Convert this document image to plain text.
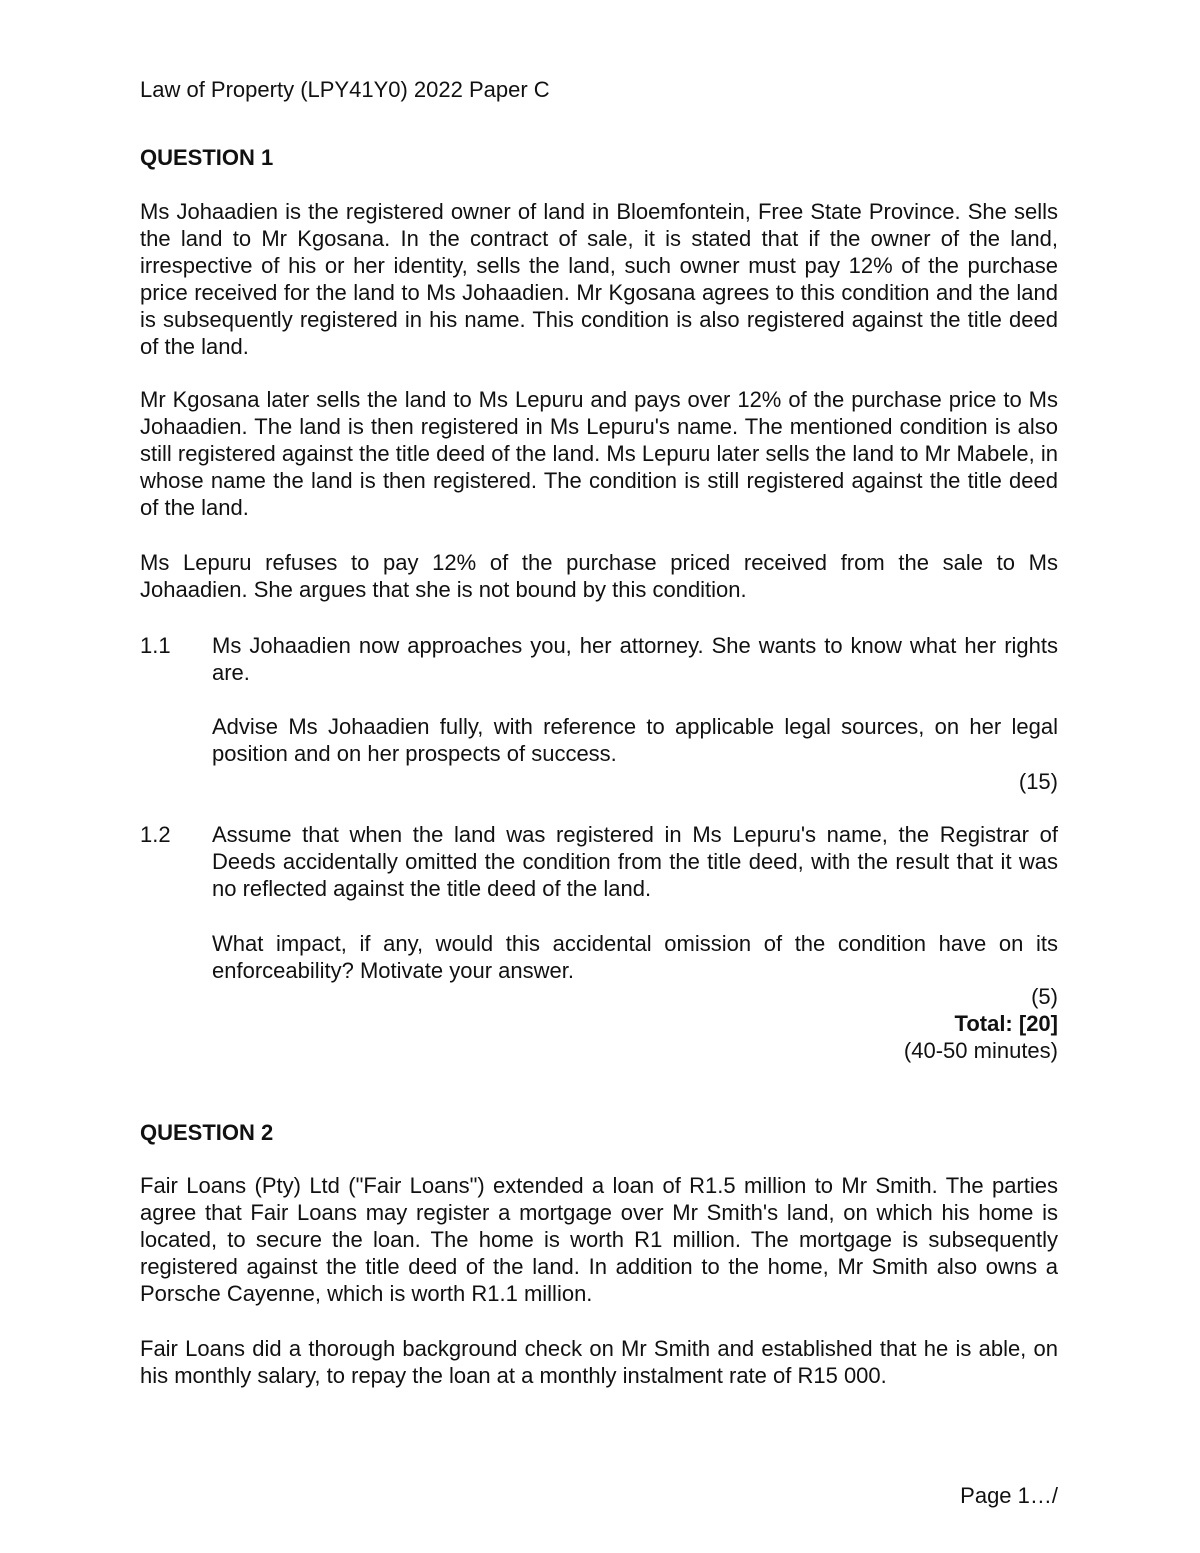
Law of Property (LPY41Y0) 2022 Paper C
QUESTION 1
Ms Johaadien is the registered owner of land in Bloemfontein, Free State Province. She sells the land to Mr Kgosana. In the contract of sale, it is stated that if the owner of the land, irrespective of his or her identity, sells the land, such owner must pay 12% of the purchase price received for the land to Ms Johaadien. Mr Kgosana agrees to this condition and the land is subsequently registered in his name. This condition is also registered against the title deed of the land.
Mr Kgosana later sells the land to Ms Lepuru and pays over 12% of the purchase price to Ms Johaadien. The land is then registered in Ms Lepuru's name. The mentioned condition is also still registered against the title deed of the land. Ms Lepuru later sells the land to Mr Mabele, in whose name the land is then registered. The condition is still registered against the title deed of the land.
Ms Lepuru refuses to pay 12% of the purchase priced received from the sale to Ms Johaadien. She argues that she is not bound by this condition.
1.1 Ms Johaadien now approaches you, her attorney. She wants to know what her rights are.
Advise Ms Johaadien fully, with reference to applicable legal sources, on her legal position and on her prospects of success.
(15)
1.2 Assume that when the land was registered in Ms Lepuru's name, the Registrar of Deeds accidentally omitted the condition from the title deed, with the result that it was no reflected against the title deed of the land.
What impact, if any, would this accidental omission of the condition have on its enforceability? Motivate your answer.
(5)
Total: [20]
(40-50 minutes)
QUESTION 2
Fair Loans (Pty) Ltd ("Fair Loans") extended a loan of R1.5 million to Mr Smith. The parties agree that Fair Loans may register a mortgage over Mr Smith's land, on which his home is located, to secure the loan. The home is worth R1 million. The mortgage is subsequently registered against the title deed of the land. In addition to the home, Mr Smith also owns a Porsche Cayenne, which is worth R1.1 million.
Fair Loans did a thorough background check on Mr Smith and established that he is able, on his monthly salary, to repay the loan at a monthly instalment rate of R15 000.
Page 1…/
